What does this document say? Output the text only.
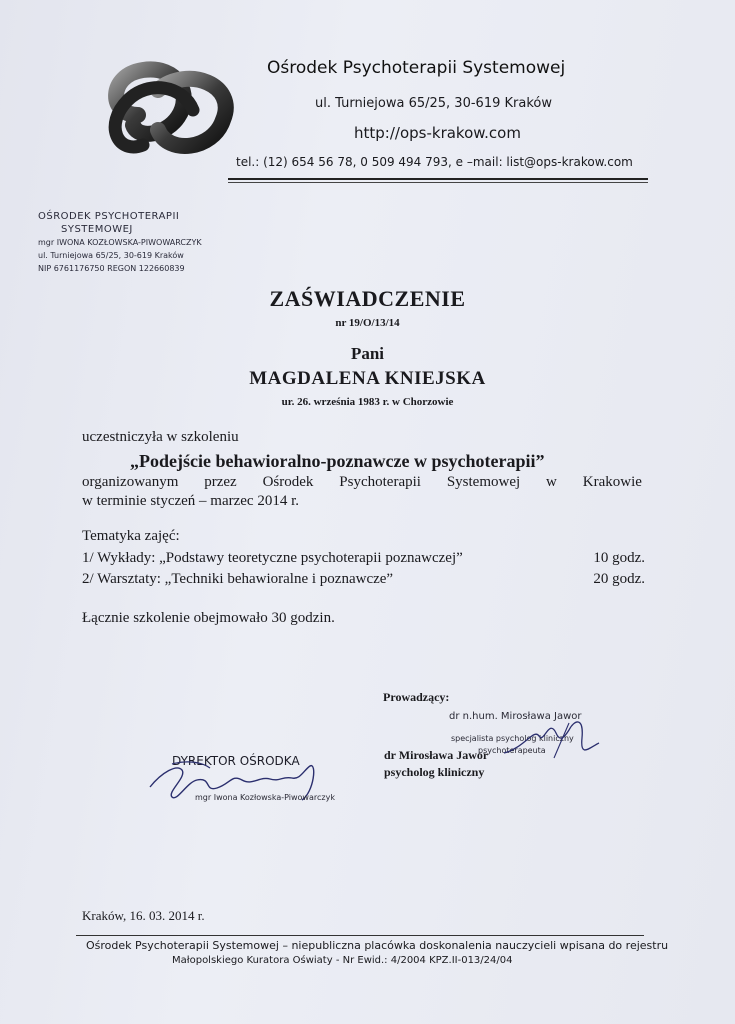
Ośrodek Psychoterapii Systemowej
ul. Turniejowa 65/25, 30-619 Kraków
http://ops-krakow.com
tel.: (12) 654 56 78, 0 509 494 793, e –mail: list@ops-krakow.com
OŚRODEK PSYCHOTERAPII
SYSTEMOWEJ
mgr IWONA KOZŁOWSKA-PIWOWARCZYK
ul. Turniejowa 65/25, 30-619 Kraków
NIP 6761176750 REGON 122660839
ZAŚWIADCZENIE
nr 19/O/13/14
Pani
MAGDALENA KNIEJSKA
ur. 26. września 1983 r. w Chorzowie
uczestniczyła w szkoleniu
„Podejście behawioralno-poznawcze w psychoterapii”
organizowanym przez Ośrodek Psychoterapii Systemowej w Krakowie
w terminie styczeń – marzec 2014 r.
Tematyka zajęć:
1/ Wykłady: „Podstawy teoretyczne psychoterapii poznawczej”	10 godz.
2/ Warsztaty: „Techniki behawioralne i poznawcze”	20 godz.
Łącznie szkolenie obejmowało 30 godzin.
Prowadzący:
dr n.hum. Mirosława Jawor
specjalista psycholog kliniczny
psychoterapeuta
dr Mirosława Jawor
psycholog kliniczny
DYREKTOR OŚRODKA
mgr Iwona Kozłowska-Piwowarczyk
Kraków, 16. 03. 2014 r.
Ośrodek Psychoterapii Systemowej – niepubliczna placówka doskonalenia nauczycieli wpisana do rejestru
Małopolskiego Kuratora Oświaty - Nr Ewid.: 4/2004 KPZ.II-013/24/04
